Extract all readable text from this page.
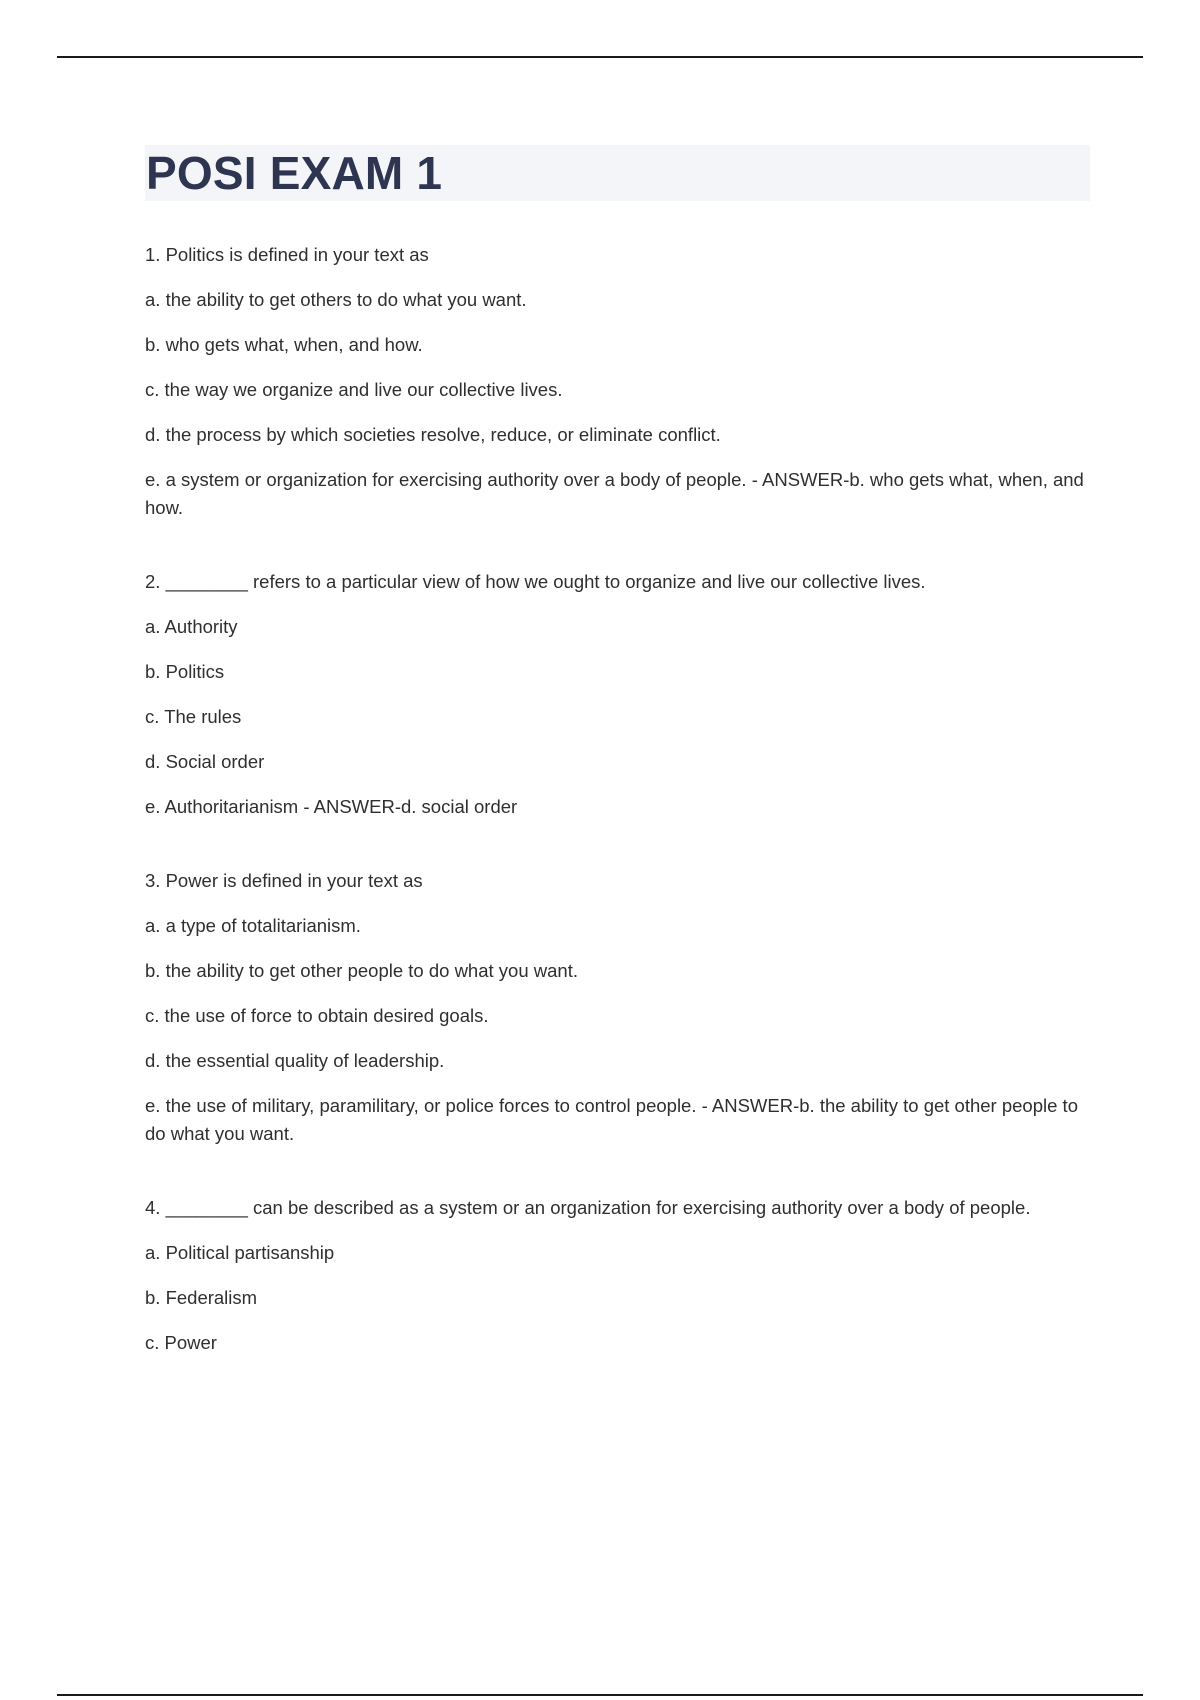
POSI EXAM 1

1. Politics is defined in your text as

a. the ability to get others to do what you want.

b. who gets what, when, and how.

c. the way we organize and live our collective lives.

d. the process by which societies resolve, reduce, or eliminate conflict.

e. a system or organization for exercising authority over a body of people. - ANSWER-b. who gets what, when, and how.

2. ________ refers to a particular view of how we ought to organize and live our collective lives.

a. Authority

b. Politics

c. The rules

d. Social order

e. Authoritarianism - ANSWER-d. social order

3. Power is defined in your text as

a. a type of totalitarianism.

b. the ability to get other people to do what you want.

c. the use of force to obtain desired goals.

d. the essential quality of leadership.

e. the use of military, paramilitary, or police forces to control people. - ANSWER-b. the ability to get other people to do what you want.

4. ________ can be described as a system or an organization for exercising authority over a body of people.

a. Political partisanship

b. Federalism

c. Power
